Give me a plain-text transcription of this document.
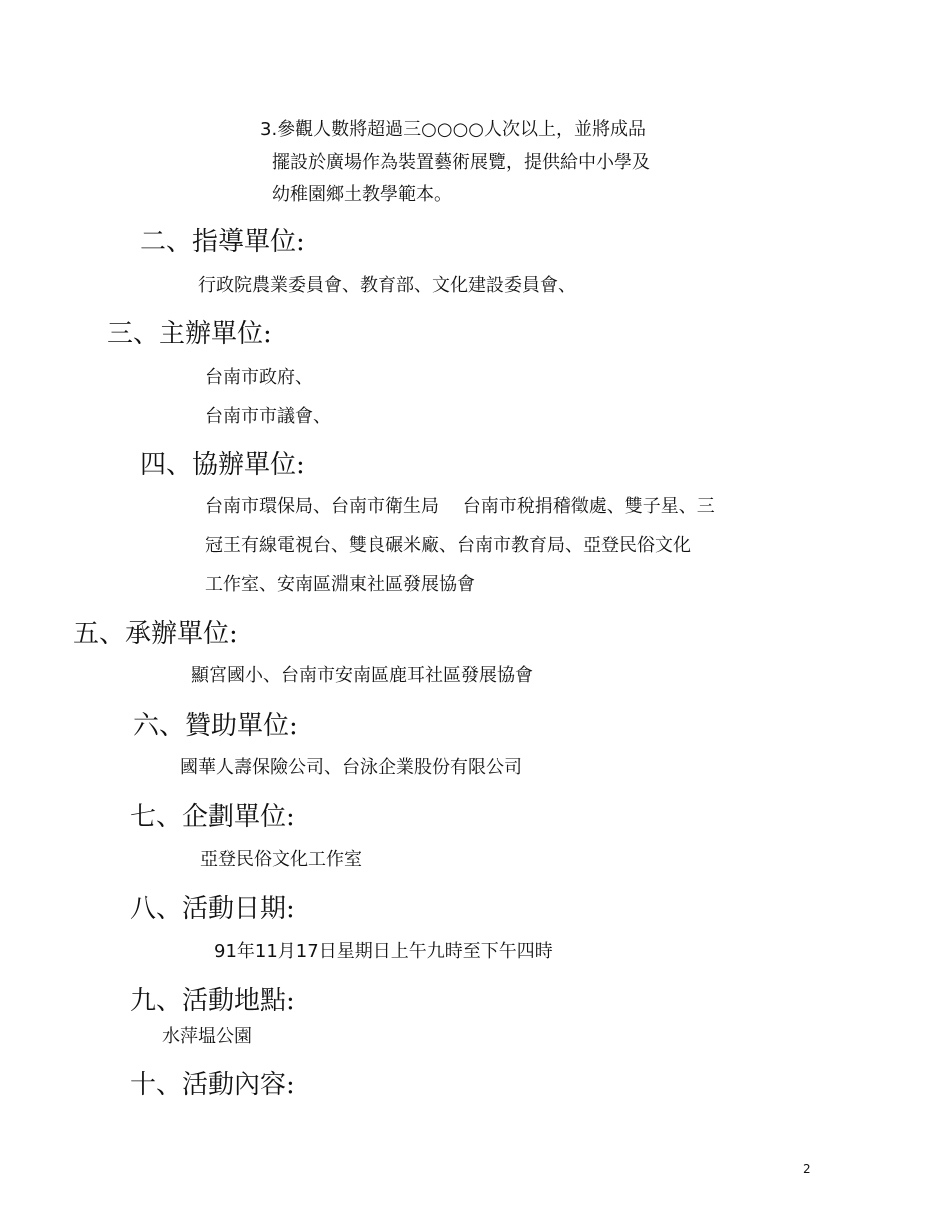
3.參觀人數將超過三○○○○人次以上，並將成品
擺設於廣場作為裝置藝術展覽，提供給中小學及
幼稚園鄉土教學範本。
二、指導單位:
行政院農業委員會、教育部、文化建設委員會、
三、主辦單位:
台南市政府、
台南市市議會、
四、協辦單位:
台南市環保局、台南市衛生局　 台南市稅捐稽徵處、雙子星、三
冠王有線電視台、雙良碾米廠、台南市教育局、亞登民俗文化
工作室、安南區淵東社區發展協會
五、承辦單位:
顯宮國小、台南市安南區鹿耳社區發展協會
六、贊助單位:
國華人壽保險公司、台泳企業股份有限公司
七、企劃單位:
亞登民俗文化工作室
八、活動日期:
91年11月17日星期日上午九時至下午四時
九、活動地點:
水萍塭公園
十、活動內容:
2
